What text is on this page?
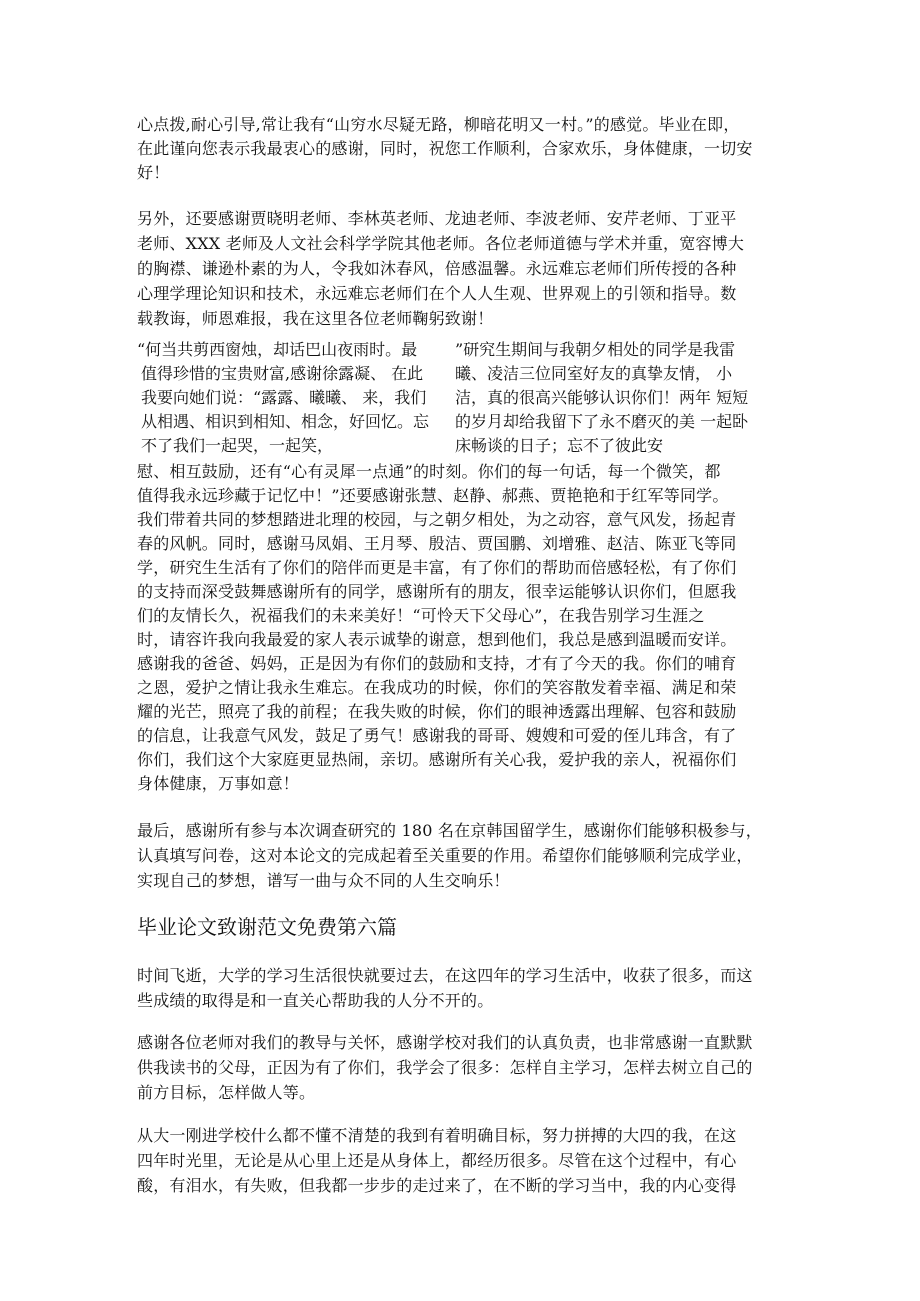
心点拨,耐心引导,常让我有“山穷水尽疑无路，柳暗花明又一村。”的感觉。毕业在即，
在此谨向您表示我最衷心的感谢，同时，祝您工作顺利，合家欢乐，身体健康，一切安
好！
另外，还要感谢贾晓明老师、李林英老师、龙迪老师、李波老师、安芹老师、丁亚平
老师、XXX 老师及人文社会科学学院其他老师。各位老师道德与学术并重，宽容博大
的胸襟、谦逊朴素的为人，令我如沐春风，倍感温馨。永远难忘老师们所传授的各种
心理学理论知识和技术，永远难忘老师们在个人人生观、世界观上的引领和指导。数
载教诲，师恩难报，我在这里各位老师鞠躬致谢！
“何当共剪西窗烛，却话巴山夜雨时。最
值得珍惜的宝贵财富,感谢徐露凝、 在此
我要向她们说：“露露、曦曦、 来，我们
从相遇、相识到相知、相念，好回忆。忘
不了我们一起哭，一起笑，
”研究生期间与我朝夕相处的同学是我雷
曦、凌洁三位同室好友的真挚友情， 小
洁，真的很高兴能够认识你们！两年 短短
的岁月却给我留下了永不磨灭的美 一起卧
床畅谈的日子；忘不了彼此安
慰、相互鼓励，还有“心有灵犀一点通”的时刻。你们的每一句话，每一个微笑，都
值得我永远珍藏于记忆中！”还要感谢张慧、赵静、郝燕、贾艳艳和于红军等同学。
我们带着共同的梦想踏进北理的校园，与之朝夕相处，为之动容，意气风发，扬起青
春的风帆。同时，感谢马凤娟、王月琴、殷洁、贾国鹏、刘增雅、赵洁、陈亚飞等同
学，研究生生活有了你们的陪伴而更是丰富，有了你们的帮助而倍感轻松，有了你们
的支持而深受鼓舞感谢所有的同学，感谢所有的朋友，很幸运能够认识你们，但愿我
们的友情长久，祝福我们的未来美好！“可怜天下父母心”，在我告别学习生涯之
时，请容许我向我最爱的家人表示诚挚的谢意，想到他们，我总是感到温暖而安详。
感谢我的爸爸、妈妈，正是因为有你们的鼓励和支持，才有了今天的我。你们的哺育
之恩，爱护之情让我永生难忘。在我成功的时候，你们的笑容散发着幸福、满足和荣
耀的光芒，照亮了我的前程；在我失败的时候，你们的眼神透露出理解、包容和鼓励
的信息，让我意气风发，鼓足了勇气！感谢我的哥哥、嫂嫂和可爱的侄儿玮含，有了
你们，我们这个大家庭更显热闹，亲切。感谢所有关心我，爱护我的亲人，祝福你们
身体健康，万事如意！
最后，感谢所有参与本次调查研究的 180 名在京韩国留学生，感谢你们能够积极参与，
认真填写问卷，这对本论文的完成起着至关重要的作用。希望你们能够顺利完成学业，
实现自己的梦想，谱写一曲与众不同的人生交响乐！
毕业论文致谢范文免费第六篇
时间飞逝，大学的学习生活很快就要过去，在这四年的学习生活中，收获了很多，而这
些成绩的取得是和一直关心帮助我的人分不开的。
感谢各位老师对我们的教导与关怀，感谢学校对我们的认真负责，也非常感谢一直默默
供我读书的父母，正因为有了你们，我学会了很多：怎样自主学习，怎样去树立自己的
前方目标，怎样做人等。
从大一刚进学校什么都不懂不清楚的我到有着明确目标，努力拼搏的大四的我，在这
四年时光里，无论是从心里上还是从身体上，都经历很多。尽管在这个过程中，有心
酸，有泪水，有失败，但我都一步步的走过来了，在不断的学习当中，我的内心变得
